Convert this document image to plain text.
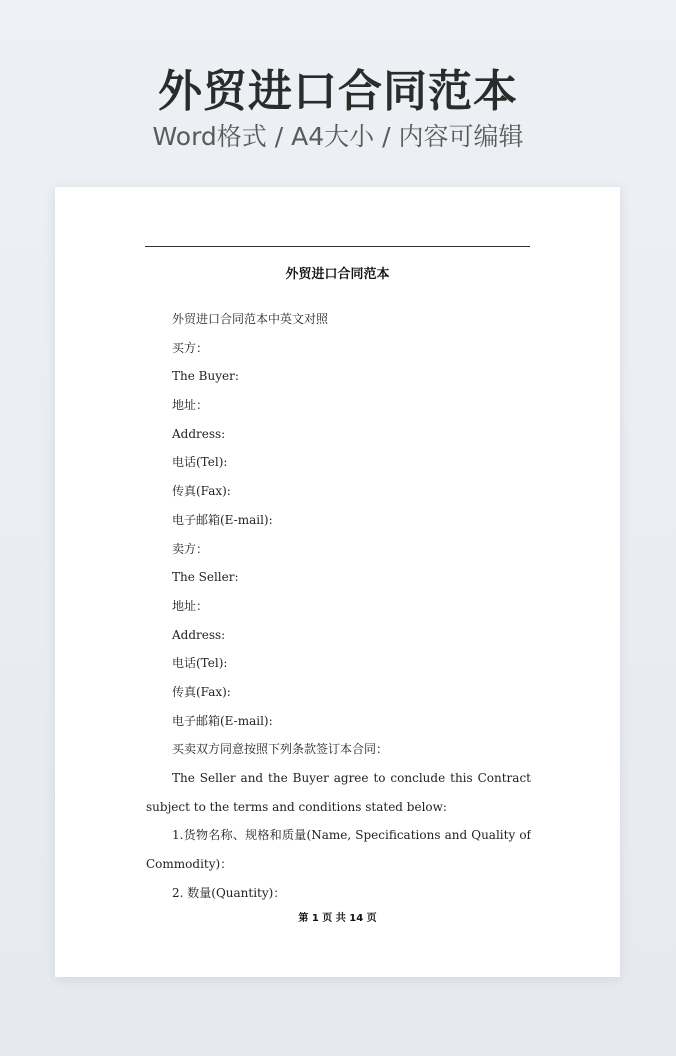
外贸进口合同范本
Word格式 / A4大小 / 内容可编辑
外贸进口合同范本
外贸进口合同范本中英文对照
买方：
The Buyer:
地址：
Address:
电话(Tel):
传真(Fax):
电子邮箱(E-mail):
卖方：
The Seller:
地址：
Address:
电话(Tel):
传真(Fax):
电子邮箱(E-mail):
买卖双方同意按照下列条款签订本合同：
The Seller and the Buyer agree to conclude this Contract
subject to the terms and conditions stated below:
1.货物名称、规格和质量(Name, Specifications and Quality of
Commodity)：
2. 数量(Quantity)：
第 1 页 共 14 页
